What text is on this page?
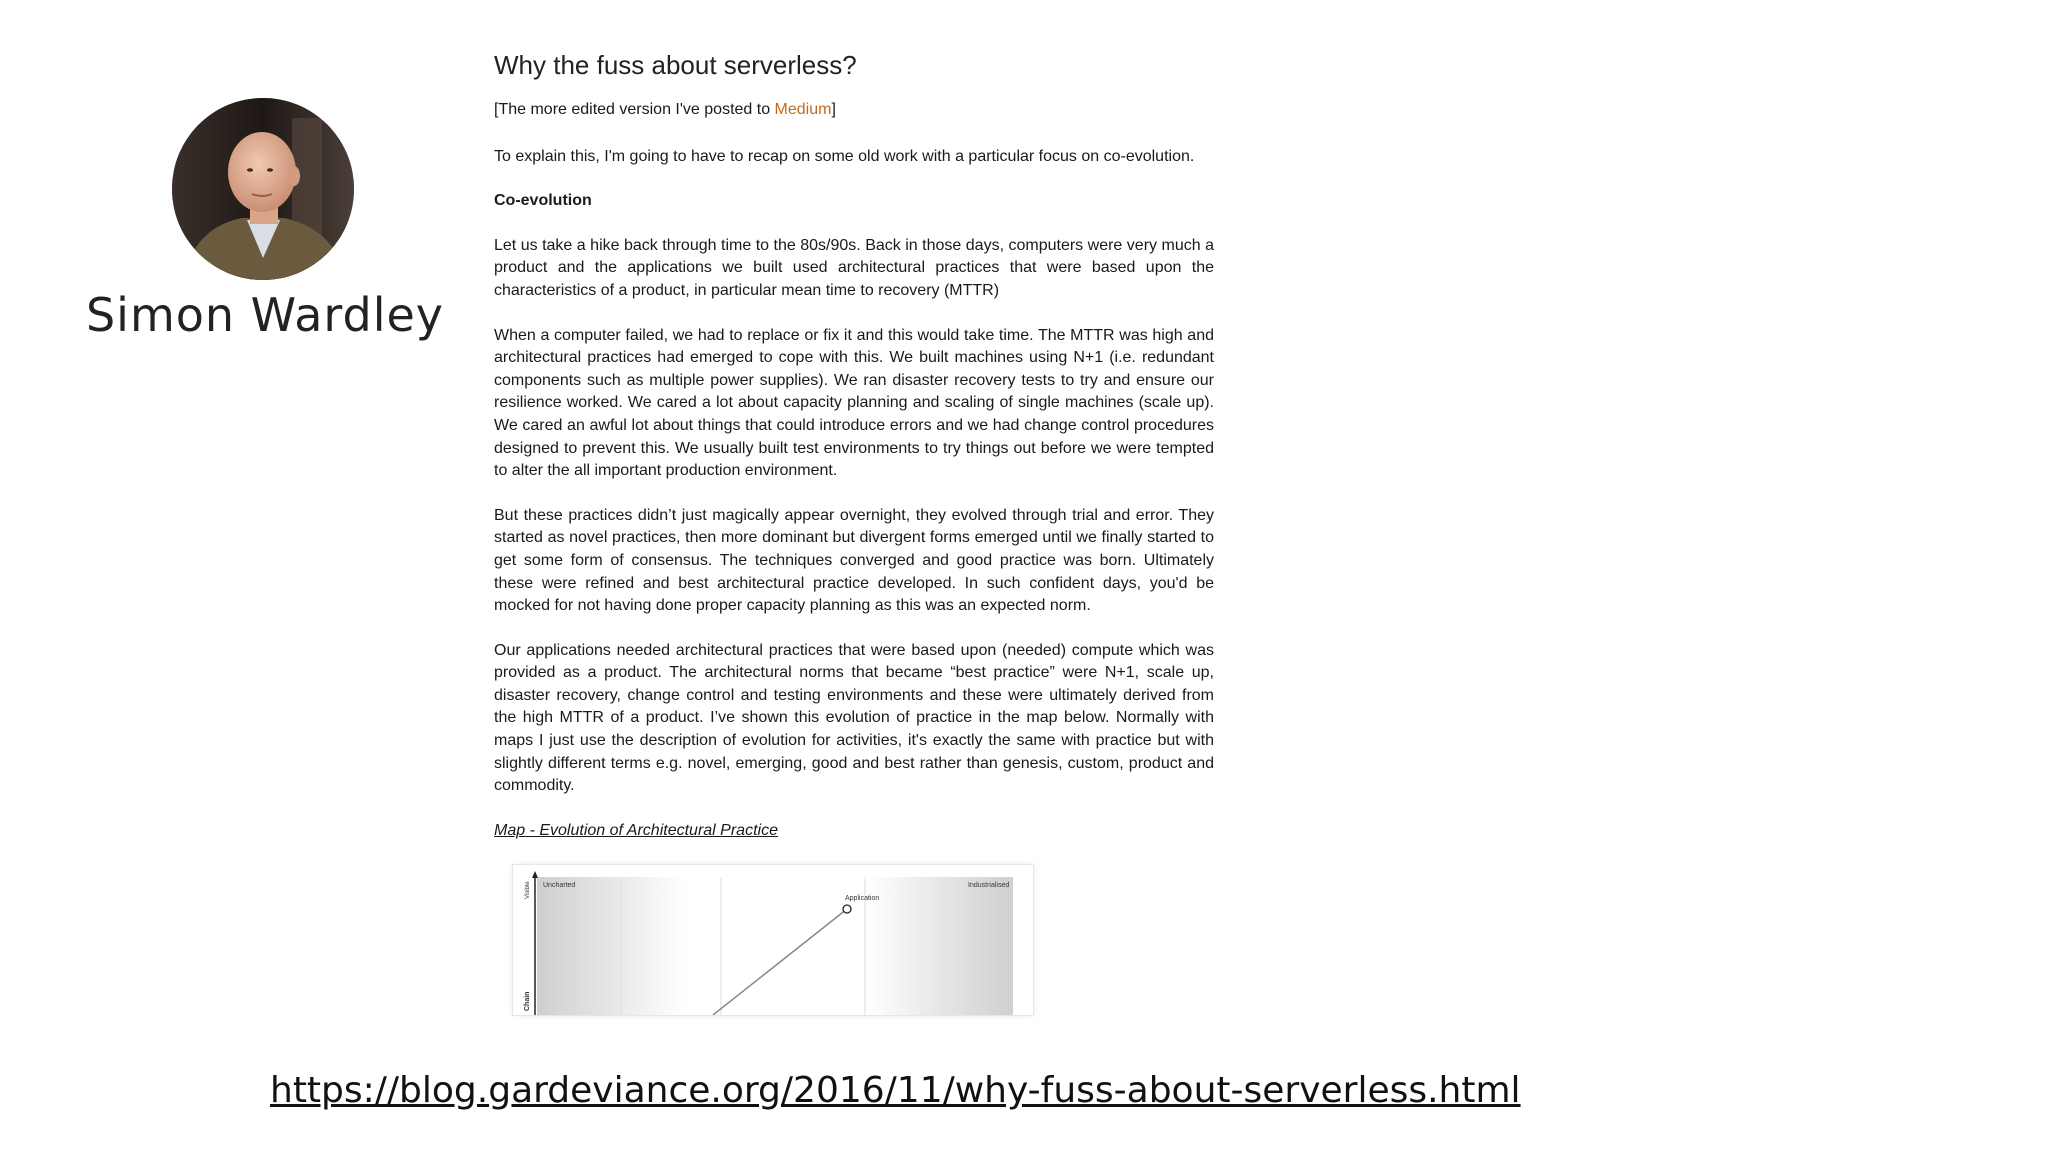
Simon Wardley
Why the fuss about serverless?

[The more edited version I've posted to Medium]

To explain this, I'm going to have to recap on some old work with a particular focus on co-evolution.

Co-evolution

Let us take a hike back through time to the 80s/90s. Back in those days, computers were very much a product and the applications we built used architectural practices that were based upon the characteristics of a product, in particular mean time to recovery (MTTR)

When a computer failed, we had to replace or fix it and this would take time. The MTTR was high and architectural practices had emerged to cope with this. We built machines using N+1 (i.e. redundant components such as multiple power supplies). We ran disaster recovery tests to try and ensure our resilience worked. We cared a lot about capacity planning and scaling of single machines (scale up). We cared an awful lot about things that could introduce errors and we had change control procedures designed to prevent this. We usually built test environments to try things out before we were tempted to alter the all important production environment.

But these practices didn’t just magically appear overnight, they evolved through trial and error. They started as novel practices, then more dominant but divergent forms emerged until we finally started to get some form of consensus. The techniques converged and good practice was born. Ultimately these were refined and best architectural practice developed. In such confident days, you'd be mocked for not having done proper capacity planning as this was an expected norm.

Our applications needed architectural practices that were based upon (needed) compute which was provided as a product. The architectural norms that became “best practice” were N+1, scale up, disaster recovery, change control and testing environments and these were ultimately derived from the high MTTR of a product. I’ve shown this evolution of practice in the map below. Normally with maps I just use the description of evolution for activities, it's exactly the same with practice but with slightly different terms e.g. novel, emerging, good and best rather than genesis, custom, product and commodity.

Map - Evolution of Architectural Practice

Uncharted	Industrialised
Application
Visible
Chain
https://blog.gardeviance.org/2016/11/why-fuss-about-serverless.html
